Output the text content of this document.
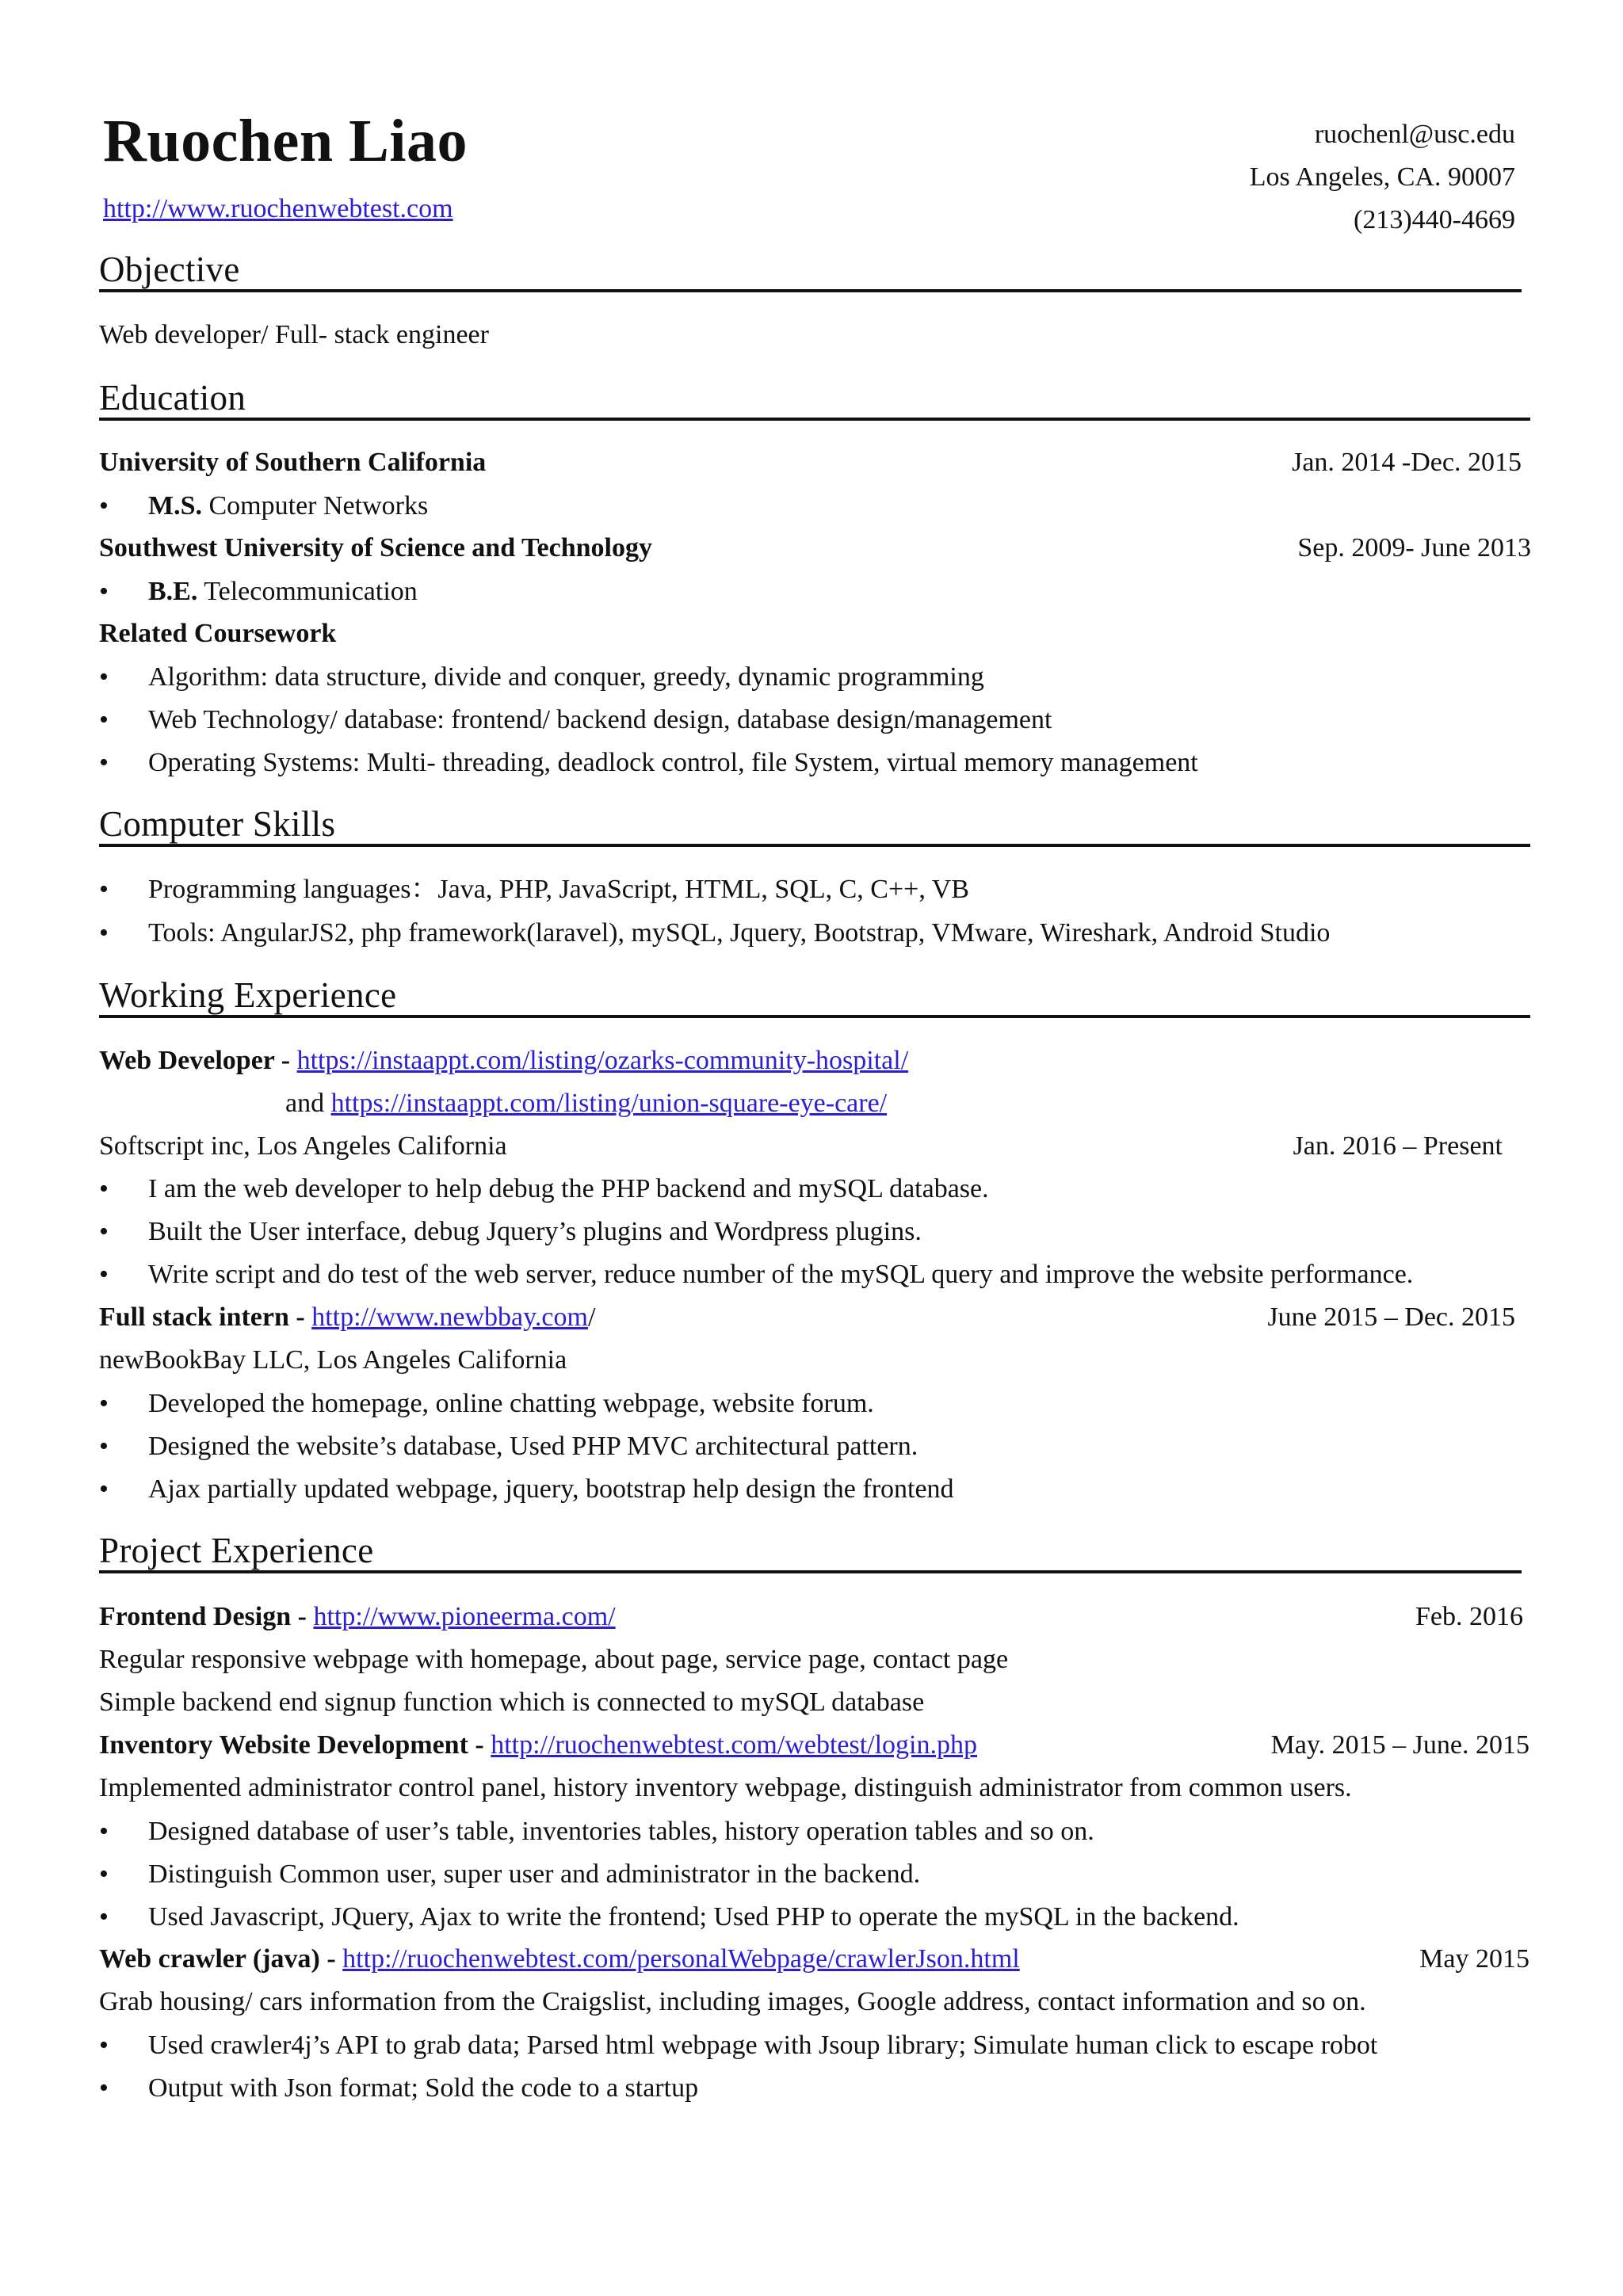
Ruochen Liao
http://www.ruochenwebtest.com
ruochenl@usc.edu
Los Angeles, CA. 90007
(213)440-4669
Objective
Web developer/ Full- stack engineer
Education
University of Southern California	Jan. 2014 -Dec. 2015
• M.S. Computer Networks
Southwest University of Science and Technology	Sep. 2009- June 2013
• B.E. Telecommunication
Related Coursework
• Algorithm: data structure, divide and conquer, greedy, dynamic programming
• Web Technology/ database: frontend/ backend design, database design/management
• Operating Systems: Multi- threading, deadlock control, file System, virtual memory management
Computer Skills
• Programming languages：Java, PHP, JavaScript, HTML, SQL, C, C++, VB
• Tools: AngularJS2, php framework(laravel), mySQL, Jquery, Bootstrap, VMware, Wireshark, Android Studio
Working Experience
Web Developer - https://instaappt.com/listing/ozarks-community-hospital/
and https://instaappt.com/listing/union-square-eye-care/
Softscript inc, Los Angeles California	Jan. 2016 – Present
• I am the web developer to help debug the PHP backend and mySQL database.
• Built the User interface, debug Jquery’s plugins and Wordpress plugins.
• Write script and do test of the web server, reduce number of the mySQL query and improve the website performance.
Full stack intern - http://www.newbbay.com/	June 2015 – Dec. 2015
newBookBay LLC, Los Angeles California
• Developed the homepage, online chatting webpage, website forum.
• Designed the website’s database, Used PHP MVC architectural pattern.
• Ajax partially updated webpage, jquery, bootstrap help design the frontend
Project Experience
Frontend Design - http://www.pioneerma.com/	Feb. 2016
Regular responsive webpage with homepage, about page, service page, contact page
Simple backend end signup function which is connected to mySQL database
Inventory Website Development - http://ruochenwebtest.com/webtest/login.php	May. 2015 – June. 2015
Implemented administrator control panel, history inventory webpage, distinguish administrator from common users.
• Designed database of user’s table, inventories tables, history operation tables and so on.
• Distinguish Common user, super user and administrator in the backend.
• Used Javascript, JQuery, Ajax to write the frontend; Used PHP to operate the mySQL in the backend.
Web crawler (java) - http://ruochenwebtest.com/personalWebpage/crawlerJson.html	May 2015
Grab housing/ cars information from the Craigslist, including images, Google address, contact information and so on.
• Used crawler4j’s API to grab data; Parsed html webpage with Jsoup library; Simulate human click to escape robot
• Output with Json format; Sold the code to a startup
